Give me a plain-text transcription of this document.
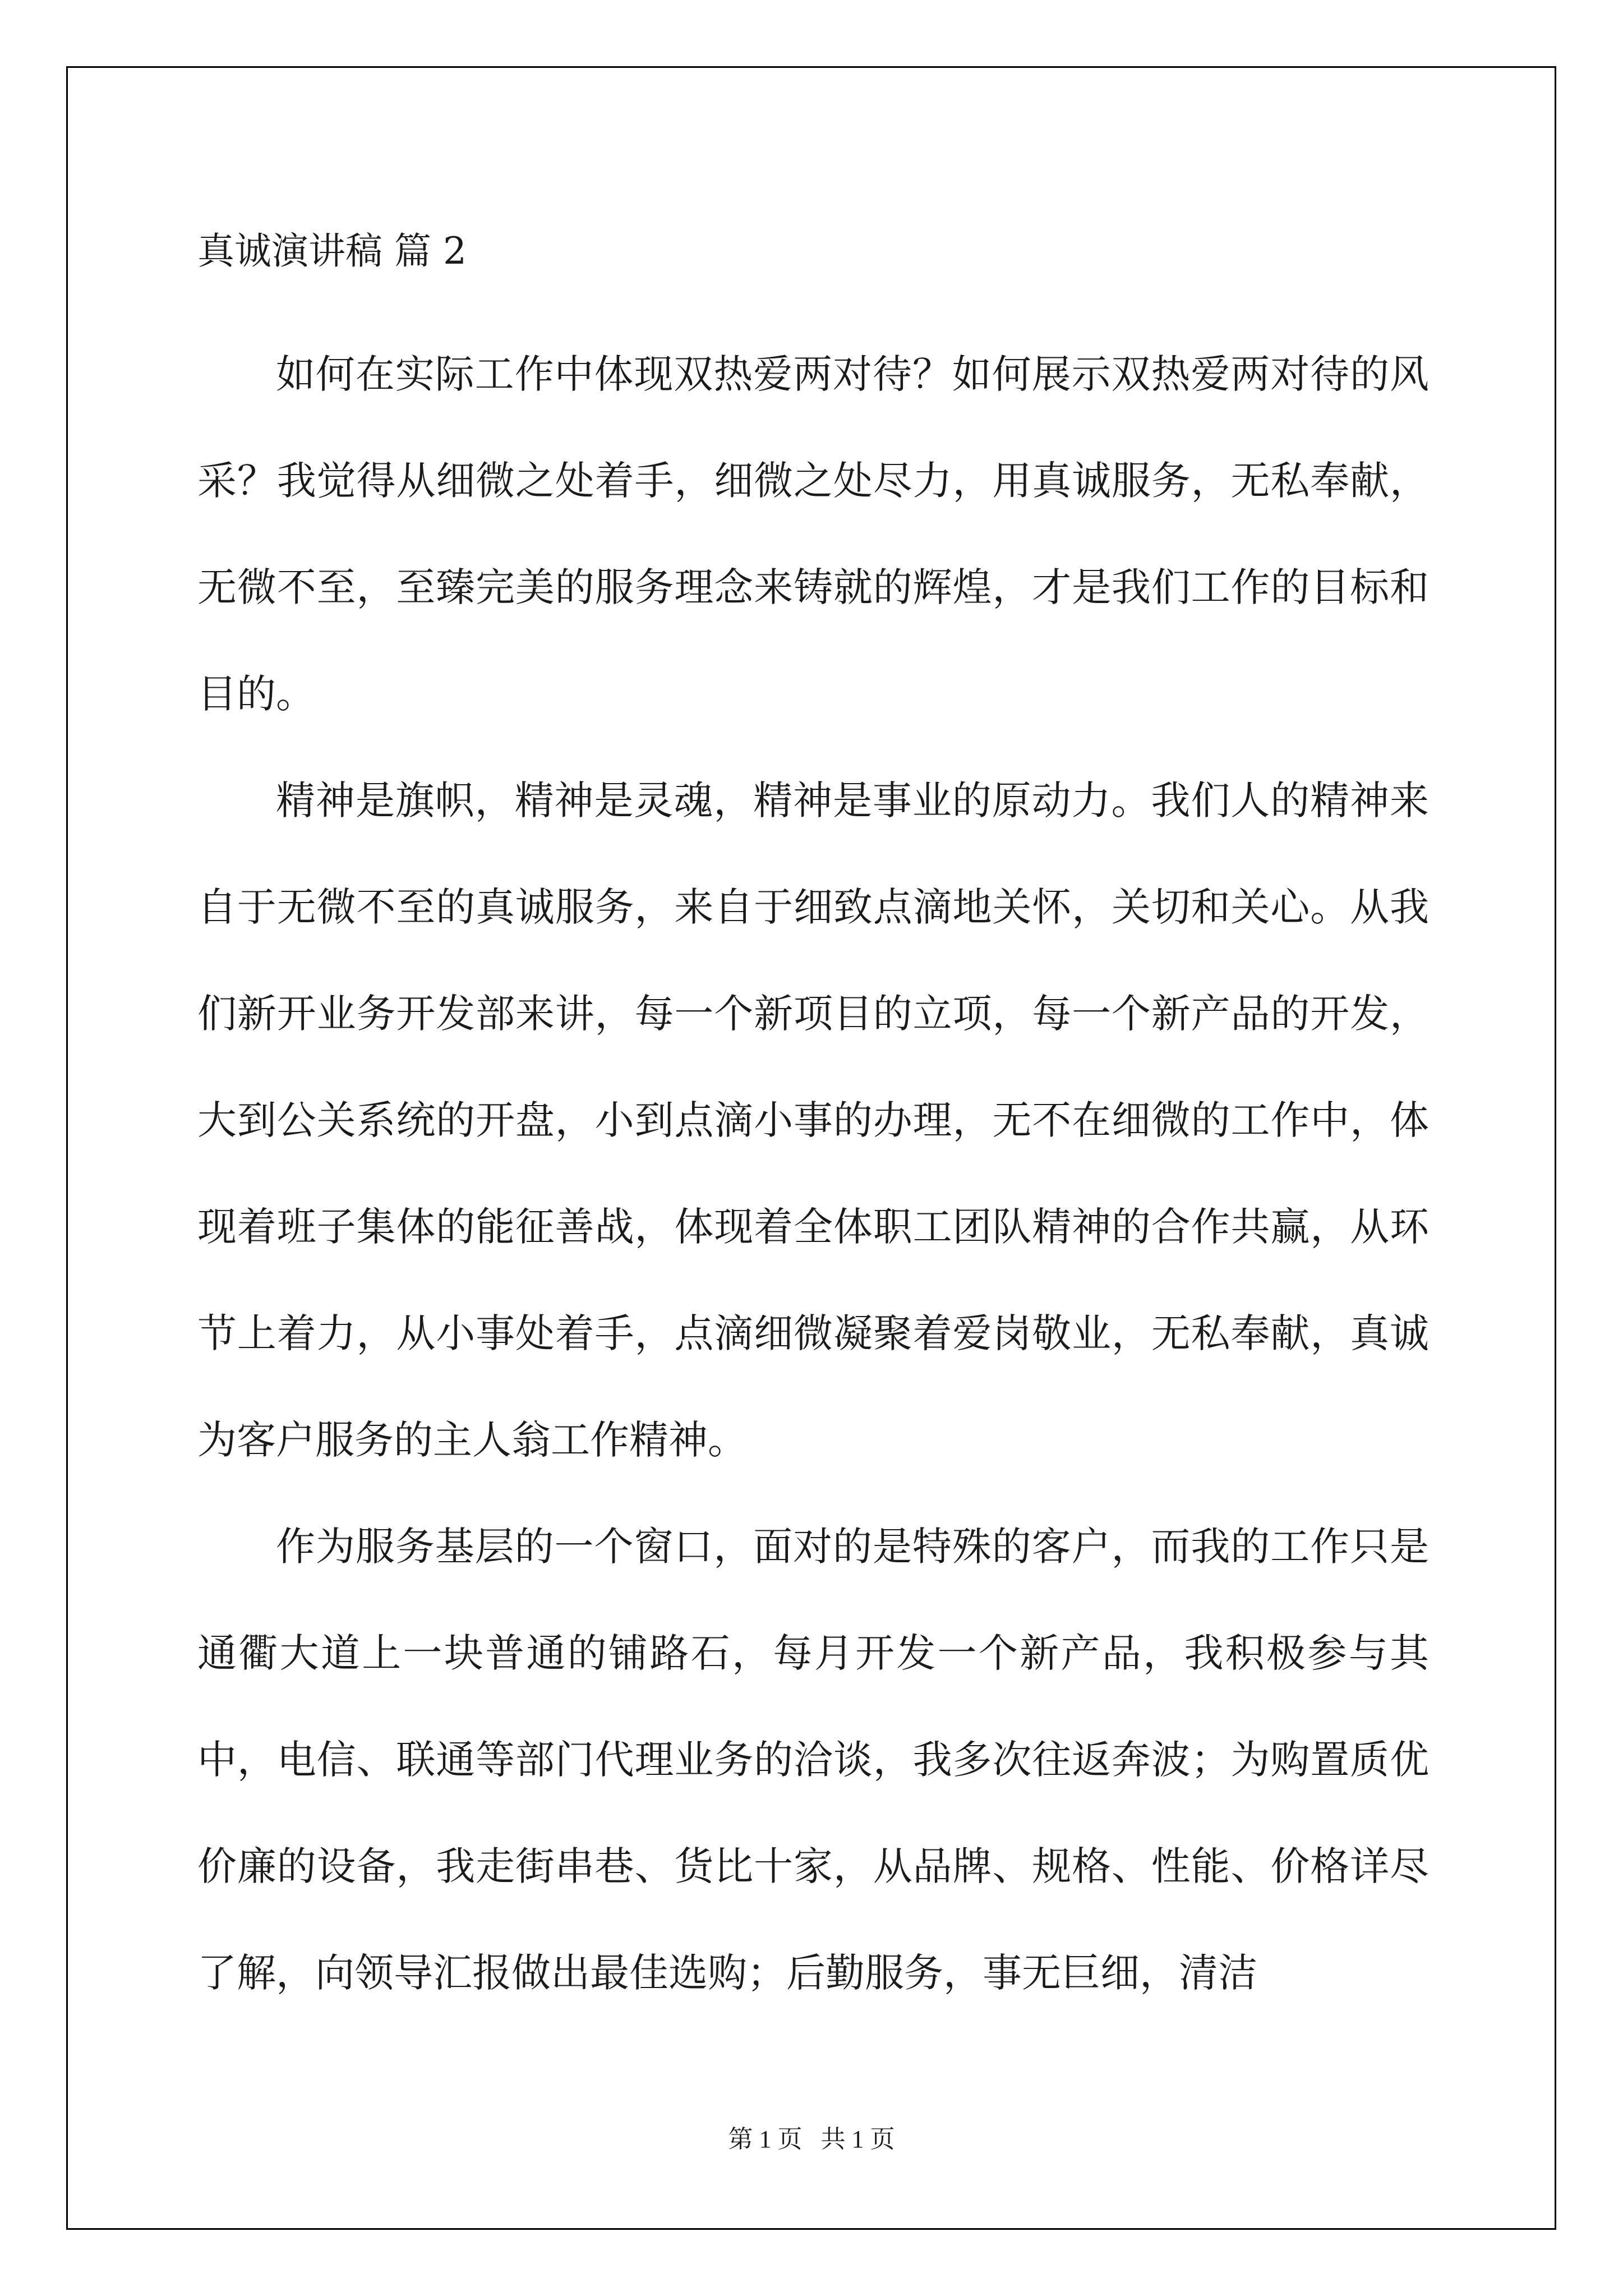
真诚演讲稿 篇 2

如何在实际工作中体现双热爱两对待？如何展示双热爱两对待的风采？我觉得从细微之处着手，细微之处尽力，用真诚服务，无私奉献，无微不至，至臻完美的服务理念来铸就的辉煌，才是我们工作的目标和目的。

精神是旗帜，精神是灵魂，精神是事业的原动力。我们人的精神来自于无微不至的真诚服务，来自于细致点滴地关怀，关切和关心。从我们新开业务开发部来讲，每一个新项目的立项，每一个新产品的开发，大到公关系统的开盘，小到点滴小事的办理，无不在细微的工作中，体现着班子集体的能征善战，体现着全体职工团队精神的合作共赢，从环节上着力，从小事处着手，点滴细微凝聚着爱岗敬业，无私奉献，真诚为客户服务的主人翁工作精神。

作为服务基层的一个窗口，面对的是特殊的客户，而我的工作只是通衢大道上一块普通的铺路石，每月开发一个新产品，我积极参与其中，电信、联通等部门代理业务的洽谈，我多次往返奔波；为购置质优价廉的设备，我走街串巷、货比十家，从品牌、规格、性能、价格详尽了解，向领导汇报做出最佳选购；后勤服务，事无巨细，清洁

第 1 页   共 1 页
